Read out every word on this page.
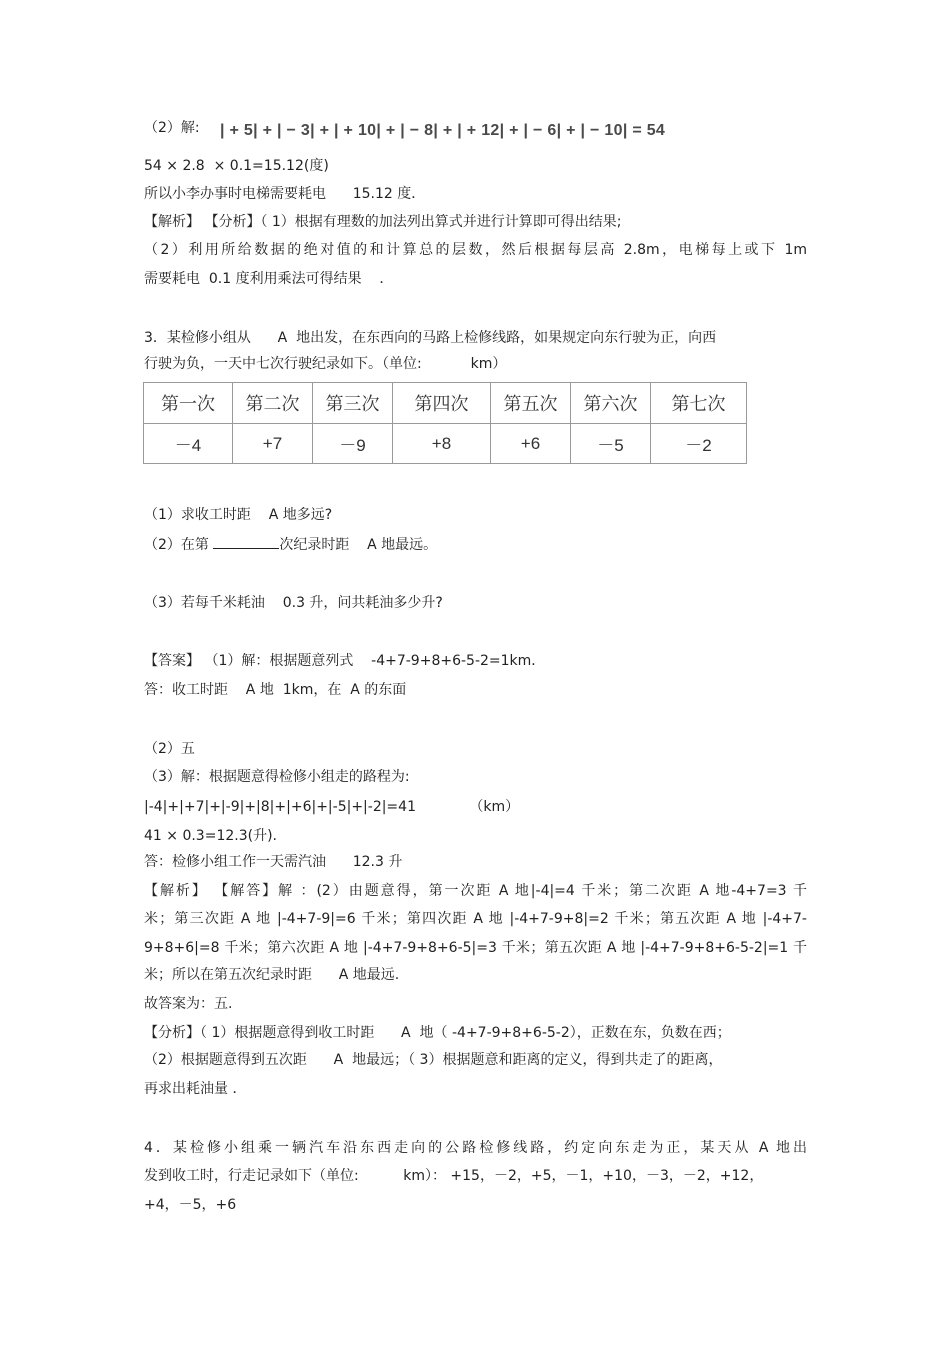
（2）解: | + 5| + | − 3| + | + 10| + | − 8| + | + 12| + | − 6| + | − 10| = 54
54 × 2.8  × 0.1=15.12(度)
所以小李办事时电梯需要耗电      15.12 度．
【解析】 【分析】（ 1）根据有理数的加法列出算式并进行计算即可得出结果;
（2）利用所给数据的绝对值的和计算总的层数，然后根据每层高 2.8m，电梯每上或下 1m
需要耗电  0.1 度利用乘法可得结果    ．
3．某检修小组从      A  地出发，在东西向的马路上检修线路，如果规定向东行驶为正，向西
行驶为负，一天中七次行驶纪录如下。（单位:           km）
第一次	第二次	第三次	第四次	第五次	第六次	第七次
－4	+7	－9	+8	+6	－5	－2
（1）求收工时距    A 地多远?
（2）在第	次纪录时距    A 地最远。
（3）若每千米耗油    0.3 升，问共耗油多少升?
【答案】 （1）解：根据题意列式    -4+7-9+8+6-5-2=1km．
答：收工时距    A 地  1km，在  A 的东面
（2）五
（3）解：根据题意得检修小组走的路程为:
|-4|+|+7|+|-9|+|8|+|+6|+|-5|+|-2|=41            （km）
41 × 0.3=12.3(升).
答：检修小组工作一天需汽油      12.3 升
【解析】 【解答】解 ：(2）由题意得，第一次距 A 地|-4|=4 千米；第二次距 A 地-4+7=3 千
米；第三次距 A 地 |-4+7-9|=6 千米；第四次距 A 地 |-4+7-9+8|=2 千米；第五次距 A 地 |-4+7-
9+8+6|=8 千米；第六次距 A 地 |-4+7-9+8+6-5|=3 千米；第五次距 A 地 |-4+7-9+8+6-5-2|=1 千
米；所以在第五次纪录时距      A 地最远.
故答案为：五.
【分析】（ 1）根据题意得到收工时距      A  地（ -4+7-9+8+6-5-2），正数在东，负数在西；
（2）根据题意得到五次距      A  地最远；（ 3）根据题意和距离的定义，得到共走了的距离，
再求出耗油量 ．
4．某检修小组乘一辆汽车沿东西走向的公路检修线路，约定向东走为正，某天从 A 地出
发到收工时，行走记录如下（单位:          km）： +15，－2，+5，－1，+10，－3，－2，+12，
+4，－5，+6
